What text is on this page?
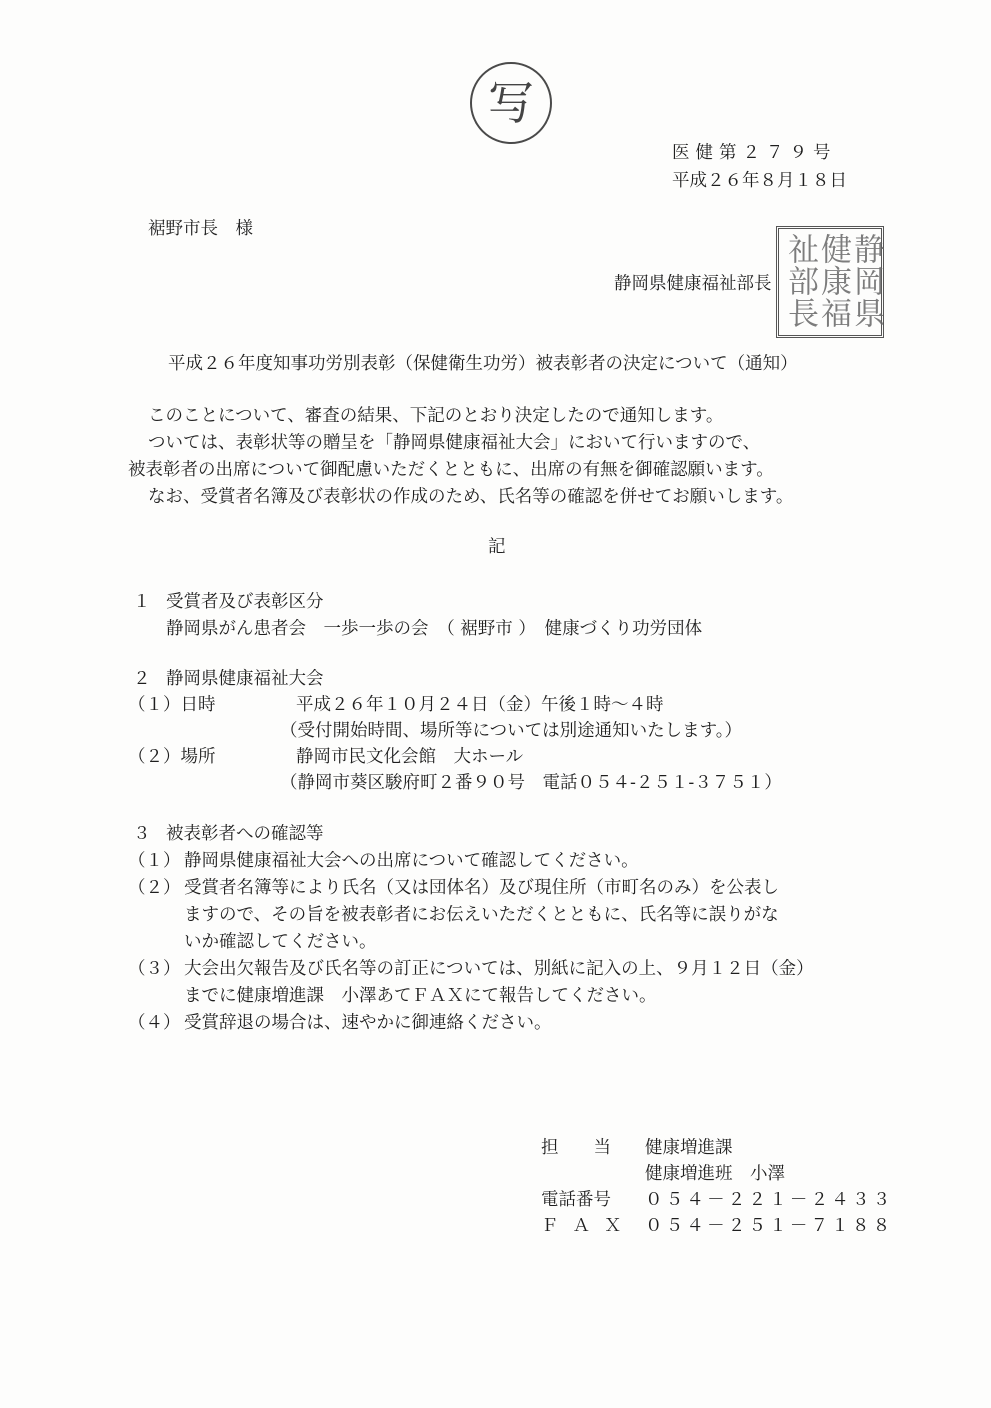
写
医健第２７９号
平成２６年８月１８日
裾野市長　様
静岡県健康福祉部長
静岡県健康福祉部長
平成２６年度知事功労別表彰（保健衛生功労）被表彰者の決定について（通知）
このことについて、審査の結果、下記のとおり決定したので通知します。
ついては、表彰状等の贈呈を「静岡県健康福祉大会」において行いますので、
被表彰者の出席について御配慮いただくとともに、出席の有無を御確認願います。
なお、受賞者名簿及び表彰状の作成のため、氏名等の確認を併せてお願いします。
記
１ 受賞者及び表彰区分
静岡県がん患者会　一歩一歩の会　（ 裾野市 ）　健康づくり功労団体
２ 静岡県健康福祉大会
（１）日時	平成２６年１０月２４日（金）午後１時～４時
（受付開始時間、場所等については別途通知いたします。）
（２）場所	静岡市民文化会館　大ホール
（静岡市葵区駿府町２番９０号　電話０５４-２５１-３７５１）
３ 被表彰者への確認等
（１） 静岡県健康福祉大会への出席について確認してください。
（２） 受賞者名簿等により氏名（又は団体名）及び現住所（市町名のみ）を公表し
ますので、その旨を被表彰者にお伝えいただくとともに、氏名等に誤りがな
いか確認してください。
（３） 大会出欠報告及び氏名等の訂正については、別紙に記入の上、９月１２日（金）
までに健康増進課　小澤あてＦＡＸにて報告してください。
（４） 受賞辞退の場合は、速やかに御連絡ください。
担　　当 健康増進課
健康増進班　小澤
電話番号 ０５４－２２１－２４３３
ＦＡＸ ０５４－２５１－７１８８
